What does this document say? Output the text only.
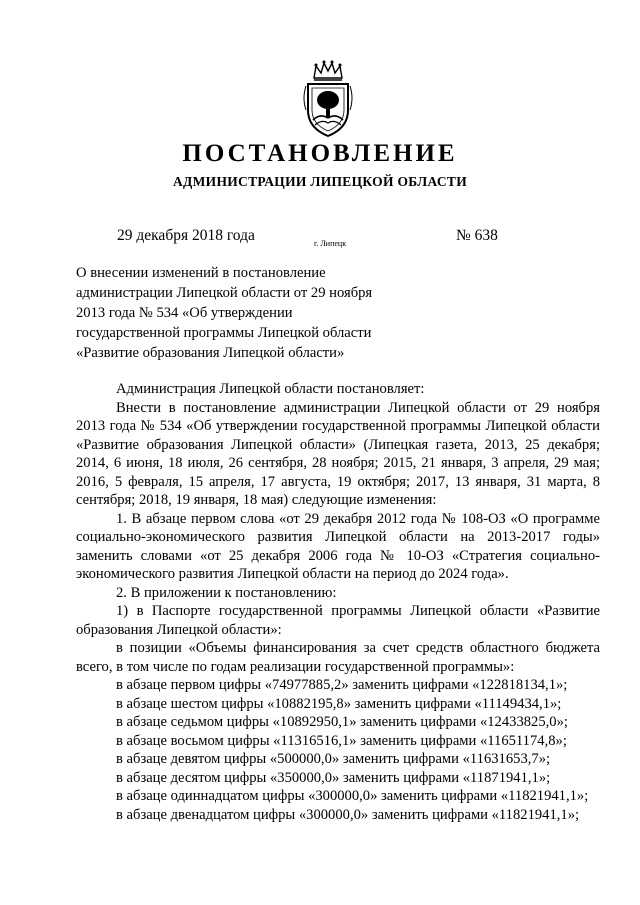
ПОСТАНОВЛЕНИЕ
АДМИНИСТРАЦИИ ЛИПЕЦКОЙ ОБЛАСТИ
29 декабря 2018 года	г. Липецк	№ 638
О внесении изменений в постановление
администрации Липецкой области от 29 ноября
2013 года № 534 «Об утверждении
государственной программы Липецкой области
«Развитие образования Липецкой области»

Администрация Липецкой области постановляет:

Внести в постановление администрации Липецкой области от 29 ноября 2013 года № 534 «Об утверждении государственной программы Липецкой области «Развитие образования Липецкой области» (Липецкая газета, 2013, 25 декабря; 2014, 6 июня, 18 июля, 26 сентября, 28 ноября; 2015, 21 января, 3 апреля, 29 мая; 2016, 5 февраля, 15 апреля, 17 августа, 19 октября; 2017, 13 января, 31 марта, 8 сентября; 2018, 19 января, 18 мая) следующие изменения:

1. В абзаце первом слова «от 29 декабря 2012 года № 108-ОЗ «О программе социально-экономического развития Липецкой области на 2013-2017 годы» заменить словами «от 25 декабря 2006 года № 10-ОЗ «Стратегия социально-экономического развития Липецкой области на период до 2024 года».

2. В приложении к постановлению:

1) в Паспорте государственной программы Липецкой области «Развитие образования Липецкой области»:

в позиции «Объемы финансирования за счет средств областного бюджета всего, в том числе по годам реализации государственной программы»:

в абзаце первом цифры «74977885,2» заменить цифрами «122818134,1»;

в абзаце шестом цифры «10882195,8» заменить цифрами «11149434,1»;

в абзаце седьмом цифры «10892950,1» заменить цифрами «12433825,0»;

в абзаце восьмом цифры «11316516,1» заменить цифрами «11651174,8»;

в абзаце девятом цифры «500000,0» заменить цифрами «11631653,7»;

в абзаце десятом цифры «350000,0» заменить цифрами «11871941,1»;

в абзаце одиннадцатом цифры «300000,0» заменить цифрами «11821941,1»;

в абзаце двенадцатом цифры «300000,0» заменить цифрами «11821941,1»;
